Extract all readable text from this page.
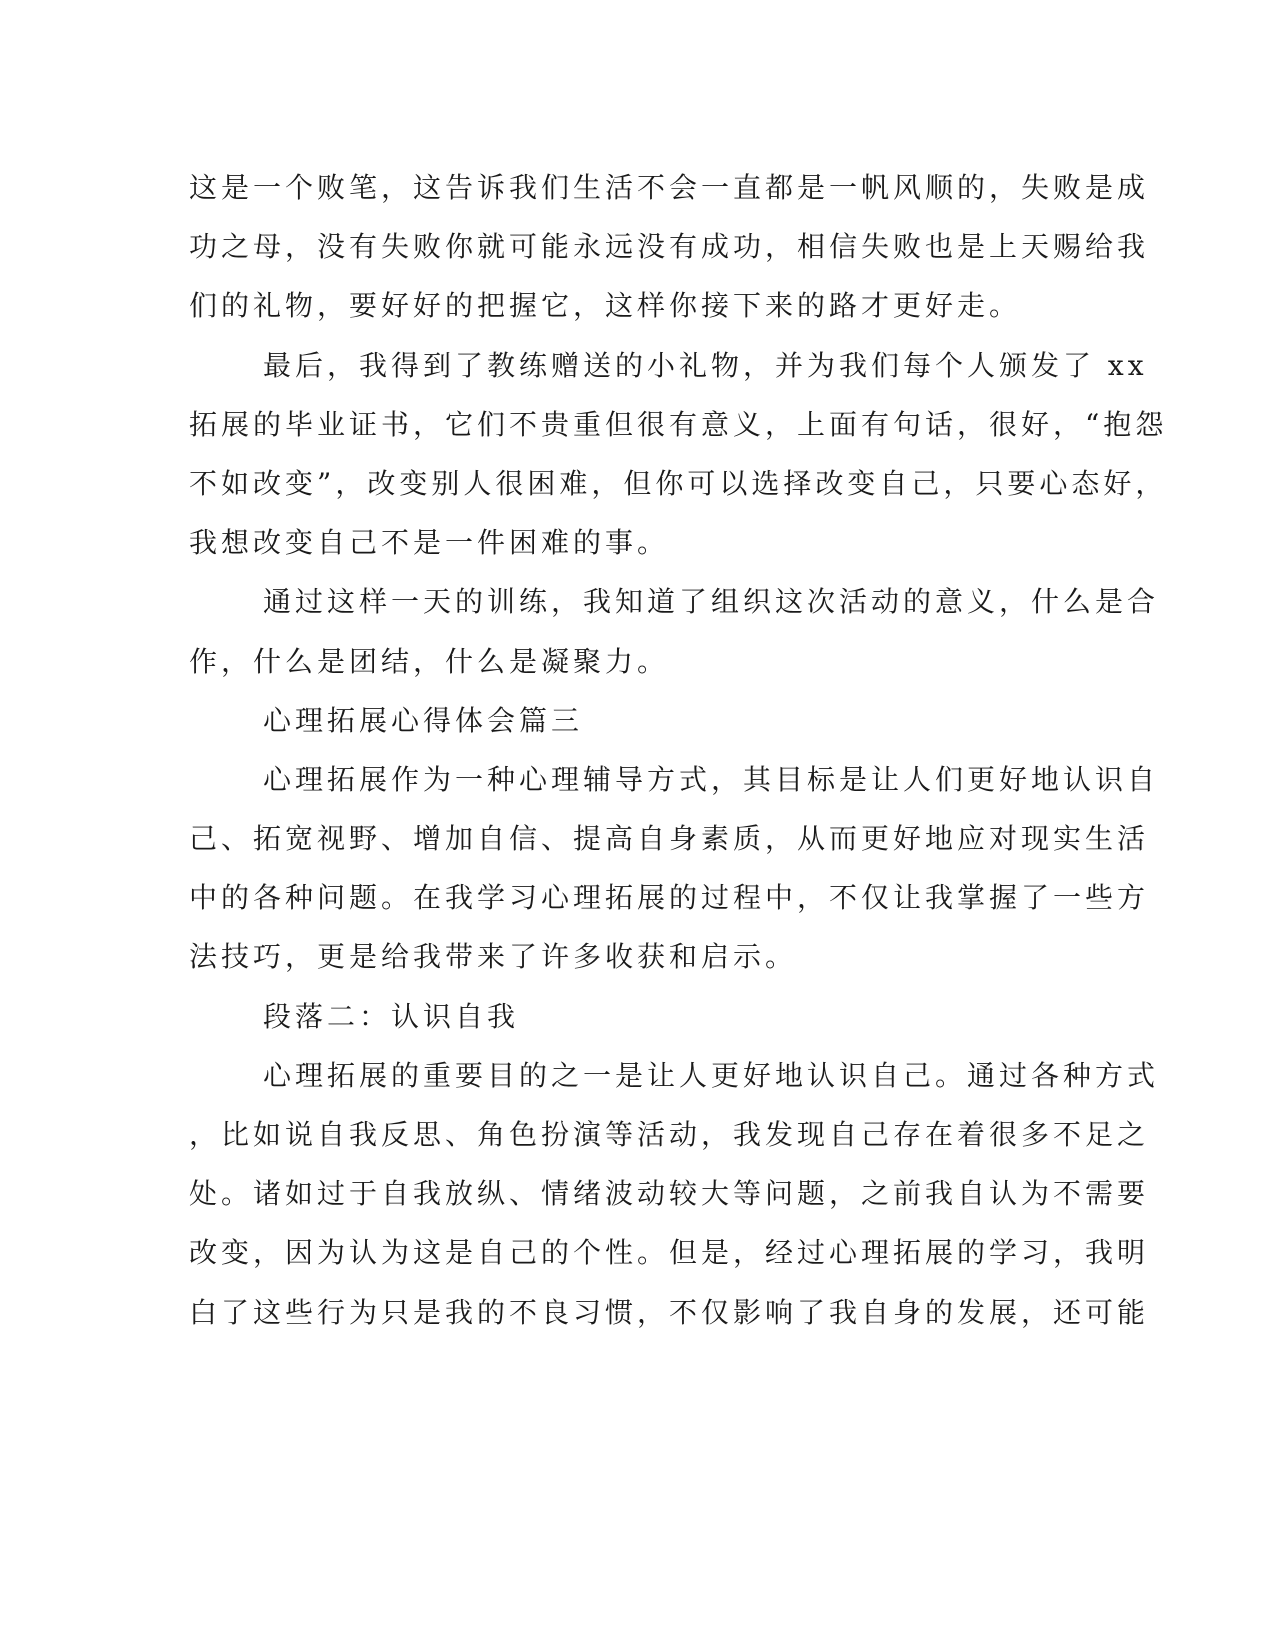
这是一个败笔，这告诉我们生活不会一直都是一帆风顺的，失败是成
功之母，没有失败你就可能永远没有成功，相信失败也是上天赐给我
们的礼物，要好好的把握它，这样你接下来的路才更好走。
最后，我得到了教练赠送的小礼物，并为我们每个人颁发了 xx
拓展的毕业证书，它们不贵重但很有意义，上面有句话，很好，“抱怨
不如改变”，改变别人很困难，但你可以选择改变自己，只要心态好，
我想改变自己不是一件困难的事。
通过这样一天的训练，我知道了组织这次活动的意义，什么是合
作，什么是团结，什么是凝聚力。
心理拓展心得体会篇三
心理拓展作为一种心理辅导方式，其目标是让人们更好地认识自
己、拓宽视野、增加自信、提高自身素质，从而更好地应对现实生活
中的各种问题。在我学习心理拓展的过程中，不仅让我掌握了一些方
法技巧，更是给我带来了许多收获和启示。
段落二：认识自我
心理拓展的重要目的之一是让人更好地认识自己。通过各种方式
，比如说自我反思、角色扮演等活动，我发现自己存在着很多不足之
处。诸如过于自我放纵、情绪波动较大等问题，之前我自认为不需要
改变，因为认为这是自己的个性。但是，经过心理拓展的学习，我明
白了这些行为只是我的不良习惯，不仅影响了我自身的发展，还可能
